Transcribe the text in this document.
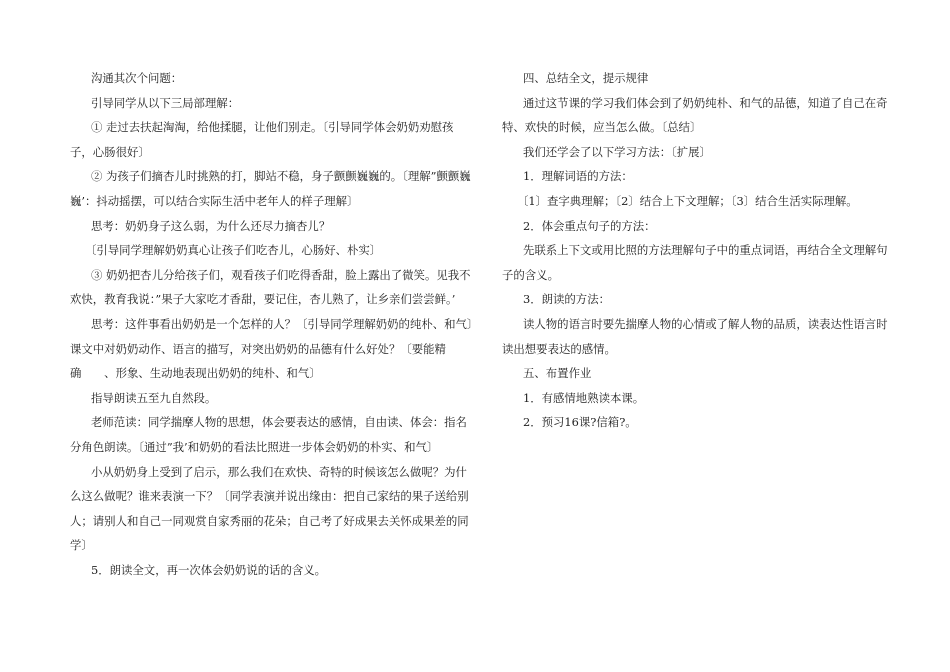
沟通其次个问题：

引导同学从以下三局部理解：

① 走过去扶起淘淘，给他揉腿，让他们别走。〔引导同学体会奶奶劝慰孩子，心肠很好〕

② 为孩子们摘杏儿时挑熟的打，脚站不稳，身子颤颤巍巍的。〔理解”颤颤巍巍’：抖动摇摆，可以结合实际生活中老年人的样子理解〕

思考：奶奶身子这么弱，为什么还尽力摘杏儿？

〔引导同学理解奶奶真心让孩子们吃杏儿，心肠好、朴实〕

③ 奶奶把杏儿分给孩子们，观看孩子们吃得香甜，脸上露出了微笑。见我不欢快，教育我说：”果子大家吃才香甜，要记住，杏儿熟了，让乡亲们尝尝鲜。’

思考：这件事看出奶奶是一个怎样的人？〔引导同学理解奶奶的纯朴、和气〕课文中对奶奶动作、语言的描写，对突出奶奶的品德有什么好处？〔要能精确　　、形象、生动地表现出奶奶的纯朴、和气〕

指导朗读五至九自然段。

老师范读：同学揣摩人物的思想，体会要表达的感情，自由读、体会：指名分角色朗读。〔通过”我’和奶奶的看法比照进一步体会奶奶的朴实、和气〕

小从奶奶身上受到了启示，那么我们在欢快、奇特的时候该怎么做呢？为什么这么做呢？谁来表演一下？〔同学表演并说出缘由：把自己家结的果子送给别人；请别人和自己一同观赏自家秀丽的花朵；自己考了好成果去关怀成果差的同学〕

5．朗读全文，再一次体会奶奶说的话的含义。

四、总结全文，提示规律

通过这节课的学习我们体会到了奶奶纯朴、和气的品德，知道了自己在奇特、欢快的时候，应当怎么做。〔总结〕

我们还学会了以下学习方法：〔扩展〕

1．理解词语的方法：

〔1〕查字典理解；〔2〕结合上下文理解；〔3〕结合生活实际理解。

2．体会重点句子的方法：

先联系上下文或用比照的方法理解句子中的重点词语，再结合全文理解句子的含义。

3．朗读的方法：

读人物的语言时要先揣摩人物的心情或了解人物的品质，读表达性语言时读出想要表达的感情。

五、布置作业

1．有感情地熟读本课。

2．预习16课?信箱?。
